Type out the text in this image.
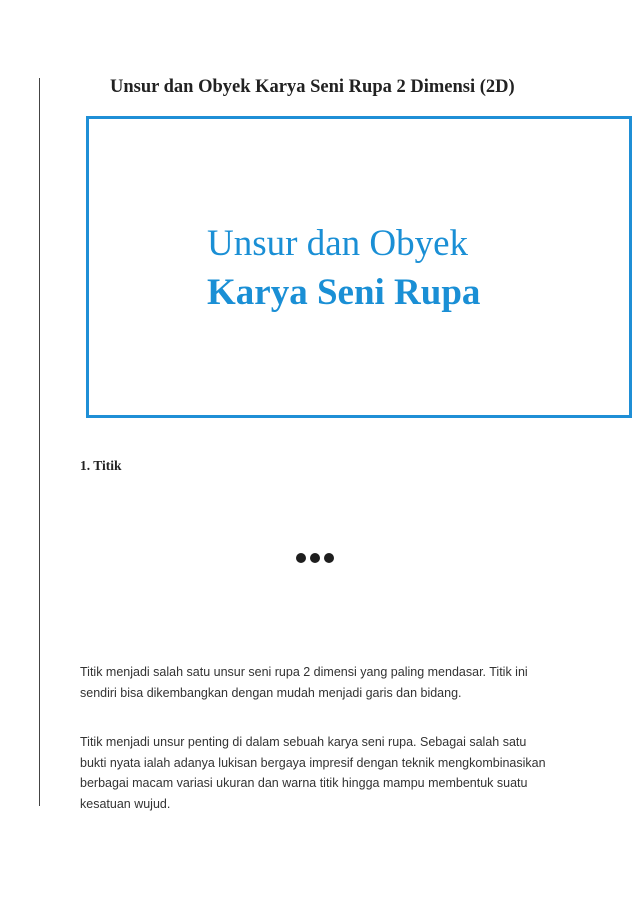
Unsur dan Obyek Karya Seni Rupa 2 Dimensi (2D)

Unsur dan Obyek

Karya Seni Rupa

1. Titik

Titik menjadi salah satu unsur seni rupa 2 dimensi yang paling mendasar. Titik ini
sendiri bisa dikembangkan dengan mudah menjadi garis dan bidang.

Titik menjadi unsur penting di dalam sebuah karya seni rupa. Sebagai salah satu
bukti nyata ialah adanya lukisan bergaya impresif dengan teknik mengkombinasikan
berbagai macam variasi ukuran dan warna titik hingga mampu membentuk suatu
kesatuan wujud.
